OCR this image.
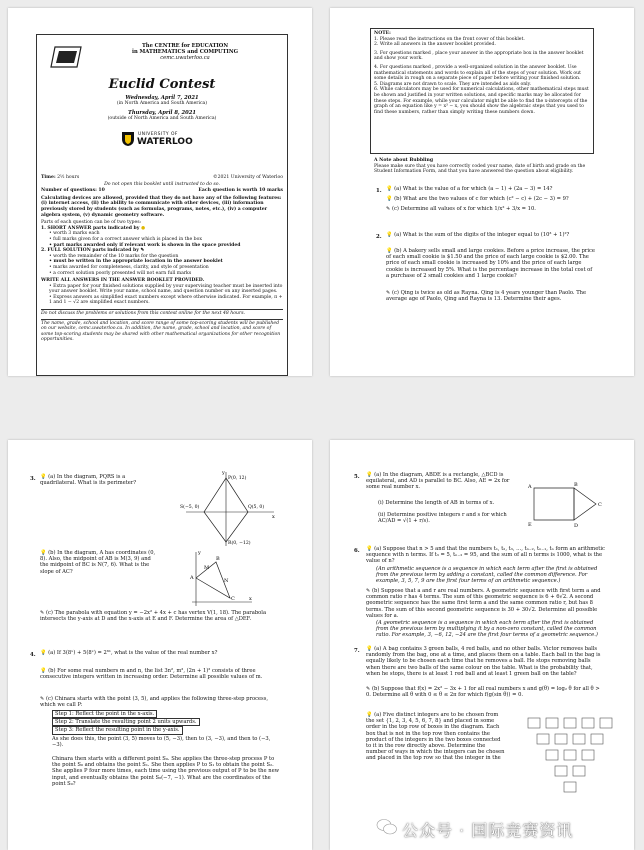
The CENTRE for EDUCATION
in MATHEMATICS and COMPUTING
cemc.uwaterloo.ca
Euclid Contest
Wednesday, April 7, 2021
(in North America and South America)
Thursday, April 8, 2021
(outside of North America and South America)
UNIVERSITY OF
WATERLOO
Time: 2½ hours	©2021 University of Waterloo
Do not open this booklet until instructed to do so.
Number of questions: 10	Each question is worth 10 marks
Calculating devices are allowed, provided that they do not have any of the following features: (i) internet access, (ii) the ability to communicate with other devices, (iii) information previously stored by students (such as formulas, programs, notes, etc.), (iv) a computer algebra system, (v) dynamic geometry software.
Parts of each question can be of two types:
1. SHORT ANSWER parts indicated by ●
• worth 3 marks each
• full marks given for a correct answer which is placed in the box
• part marks awarded only if relevant work is shown in the space provided
2. FULL SOLUTION parts indicated by ✎
• worth the remainder of the 10 marks for the question
• must be written in the appropriate location in the answer booklet
• marks awarded for completeness, clarity, and style of presentation
• a correct solution poorly presented will not earn full marks
WRITE ALL ANSWERS IN THE ANSWER BOOKLET PROVIDED.
• Extra paper for your finished solutions supplied by your supervising teacher must be inserted into your answer booklet. Write your name, school name, and question number on any inserted pages.
• Express answers as simplified exact numbers except where otherwise indicated. For example, π + 1 and 1 − √2 are simplified exact numbers.
Do not discuss the problems or solutions from this contest online for the next 48 hours.
The name, grade, school and location, and score range of some top-scoring students will be published on our website, cemc.uwaterloo.ca. In addition, the name, grade, school and location, and score of some top-scoring students may be shared with other mathematical organizations for other recognition opportunities.
NOTE:
1. Please read the instructions on the front cover of this booklet.
2. Write all answers in the answer booklet provided.
3. For questions marked , place your answer in the appropriate box in the answer booklet and show your work.
4. For questions marked , provide a well-organized solution in the answer booklet. Use mathematical statements and words to explain all of the steps of your solution. Work out some details in rough on a separate piece of paper before writing your finished solution.
5. Diagrams are not drawn to scale. They are intended as aids only.
6. While calculators may be used for numerical calculations, other mathematical steps must be shown and justified in your written solutions, and specific marks may be allocated for these steps. For example, while your calculator might be able to find the x-intercepts of the graph of an equation like y = x³ − x, you should show the algebraic steps that you used to find these numbers, rather than simply writing these numbers down.
A Note about Bubbling
Please make sure that you have correctly coded your name, date of birth and grade on the Student Information Form, and that you have answered the question about eligibility.
1. 💡 (a) What is the value of a for which (a − 1) + (2a − 3) = 14?
💡 (b) What are the two values of c for which (c² − c) + (2c − 3) = 9?
✎ (c) Determine all values of x for which 1/x² + 3/x = 10.
2. 💡 (a) What is the sum of the digits of the integer equal to (10³ + 1)²?
💡 (b) A bakery sells small and large cookies. Before a price increase, the price of each small cookie is $1.50 and the price of each large cookie is $2.00. The price of each small cookie is increased by 10% and the price of each large cookie is increased by 5%. What is the percentage increase in the total cost of a purchase of 2 small cookies and 1 large cookie?
✎ (c) Qing is twice as old as Rayna. Qing is 4 years younger than Paolo. The average age of Paolo, Qing and Rayna is 13. Determine their ages.
3. 💡 (a) In the diagram, PQRS is a quadrilateral. What is its perimeter?
y
x
P(0, 12)
Q(5, 0)
R(0, −12)
S(−5, 0)
💡 (b) In the diagram, A has coordinates (0, 8). Also, the midpoint of AB is M(3, 9) and the midpoint of BC is N(7, 6). What is the slope of AC?
A
B
C
M
N
y
x
✎ (c) The parabola with equation y = −2x² + 4x + c has vertex V(1, 18). The parabola intersects the y-axis at D and the x-axis at E and F. Determine the area of △DEF.
4. 💡 (a) If 3(8ˣ) + 5(8ˣ) = 2⁶¹, what is the value of the real number x?
💡 (b) For some real numbers m and n, the list 3n², m², (2n + 1)² consists of three consecutive integers written in increasing order. Determine all possible values of m.
✎ (c) Chinara starts with the point (3, 5), and applies the following three-step process, which we call P:
Step 1: Reflect the point in the x-axis.
Step 2: Translate the resulting point 2 units upwards.
Step 3: Reflect the resulting point in the y-axis.
As she does this, the point (3, 5) moves to (5, −3), then to (3, −3), and then to (−3, −3).
Chinara then starts with a different point S₀. She applies the three-step process P to the point S₀ and obtains the point S₁. She then applies P to S₁ to obtain the point S₂. She applies P four more times, each time using the previous output of P to be the new input, and eventually obtains the point S₆(−7, −1). What are the coordinates of the point S₀?
5. 💡 (a) In the diagram, ABDE is a rectangle, △BCD is equilateral, and AD is parallel to BC. Also, AE = 2x for some real number x.
(i) Determine the length of AB in terms of x.
(ii) Determine positive integers r and s for which AC/AD = √(1 + r/s).
A	B
C
D
E
6. 💡 (a) Suppose that n > 5 and that the numbers t₁, t₂, t₃, …, tₙ₋₂, tₙ₋₁, tₙ form an arithmetic sequence with n terms. If t₃ = 5, tₙ₋₂ = 95, and the sum of all n terms is 1000, what is the value of n?
(An arithmetic sequence is a sequence in which each term after the first is obtained from the previous term by adding a constant, called the common difference. For example, 3, 5, 7, 9 are the first four terms of an arithmetic sequence.)
✎ (b) Suppose that a and r are real numbers. A geometric sequence with first term a and common ratio r has 4 terms. The sum of this geometric sequence is 6 + 6√2. A second geometric sequence has the same first term a and the same common ratio r, but has 8 terms. The sum of this second geometric sequence is 30 + 30√2. Determine all possible values for a.
(A geometric sequence is a sequence in which each term after the first is obtained from the previous term by multiplying it by a non-zero constant, called the common ratio. For example, 3, −6, 12, −24 are the first four terms of a geometric sequence.)
7. 💡 (a) A bag contains 3 green balls, 4 red balls, and no other balls. Victor removes balls randomly from the bag, one at a time, and places them on a table. Each ball in the bag is equally likely to be chosen each time that he removes a ball. He stops removing balls when there are two balls of the same colour on the table. What is the probability that, when he stops, there is at least 1 red ball and at least 1 green ball on the table?
✎ (b) Suppose that f(x) = 2x² − 3x + 1 for all real numbers x and g(θ) = log₂ θ for all θ > 0. Determine all θ with 0 ≤ θ ≤ 2π for which f(g(sin θ)) = 0.
💡 (a) Five distinct integers are to be chosen from the set {1, 2, 3, 4, 5, 6, 7, 8} and placed in some order in the top row of boxes in the diagram. Each box that is not in the top row then contains the product of the integers in the two boxes connected to it in the row directly above. Determine the number of ways in which the integers can be chosen and placed in the top row so that the integer in the
公众号 · 国际竞赛资讯
